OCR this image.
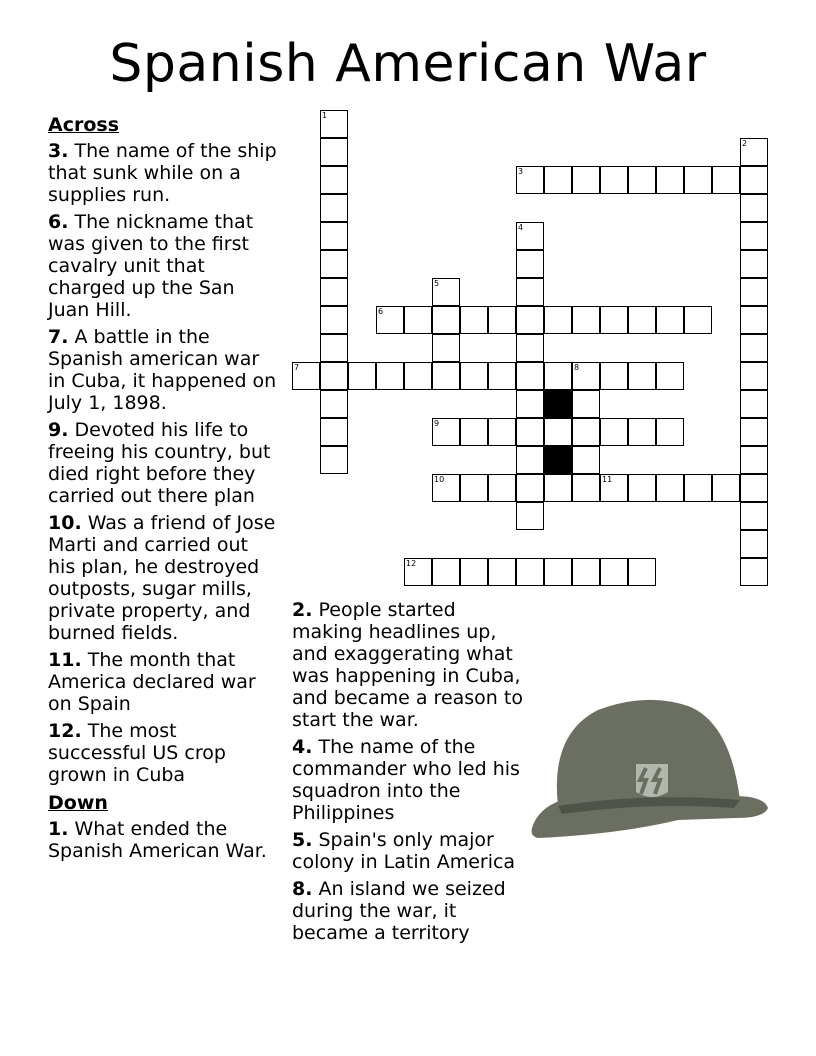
Spanish American War
Across
3. The name of the ship that sunk while on a supplies run.
6. The nickname that was given to the first cavalry unit that charged up the San Juan Hill.
7. A battle in the Spanish american war in Cuba, it happened on July 1, 1898.
9. Devoted his life to freeing his country, but died right before they carried out there plan
10. Was a friend of Jose Marti and carried out his plan, he destroyed outposts, sugar mills, private property, and burned fields.
11. The month that America declared war on Spain
12. The most successful US crop grown in Cuba
Down
1. What ended the Spanish American War.
2. People started making headlines up, and exaggerating what was happening in Cuba, and became a reason to start the war.
4. The name of the commander who led his squadron into the Philippines
5. Spain's only major colony in Latin America
8. An island we seized during the war, it became a territory
1
2
3
4
5
6
7	8
9
10	11
12
